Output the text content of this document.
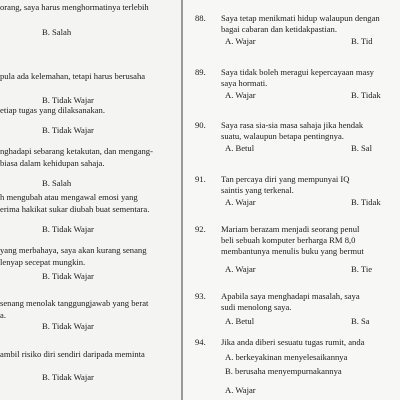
orang, saya harus menghormatinya terlebih
B. Salah
pula ada kelemahan, tetapi harus berusaha
B. Tidak Wajar
etiap tugas yang dilaksanakan.
B. Tidak Wajar
nghadapi sebarang ketakutan, dan mengang-
biasa dalam kehidupan sahaja.
B. Salah
h mengubah atau mengawal emosi yang
erima hakikat sukar diubah buat sementara.
B. Tidak Wajar
yang merbahaya, saya akan kurang senang
lenyap secepat mungkin.
B. Tidak Wajar
senang menolak tanggungjawab yang berat
a.
B. Tidak Wajar
ambil risiko diri sendiri daripada meminta
B. Tidak Wajar
88. Saya tetap menikmati hidup walaupun dengan
bagai cabaran dan ketidakpastian.
A. Wajar	B. Tid
89. Saya tidak boleh meragui kepercayaan masy
saya hormati.
A. Wajar	B. Tidak
90. Saya rasa sia-sia masa sahaja jika hendak
suatu, walaupun betapa pentingnya.
A. Betul	B. Sal
91. Tan percaya diri yang mempunyai IQ
saintis yang terkenal.
A. Wajar	B. Tidak
92. Mariam berazam menjadi seorang penul
beli sebuah komputer berharga RM 8,0
membantunya menulis buku yang bermut
A. Wajar	B. Tie
93. Apabila saya menghadapi masalah, saya
sudi menolong saya.
A. Betul	B. Sa
94. Jika anda diberi sesuatu tugas rumit, anda
A. berkeyakinan menyelesaikannya
B. berusaha menyempurnakannya
A. Wajar
